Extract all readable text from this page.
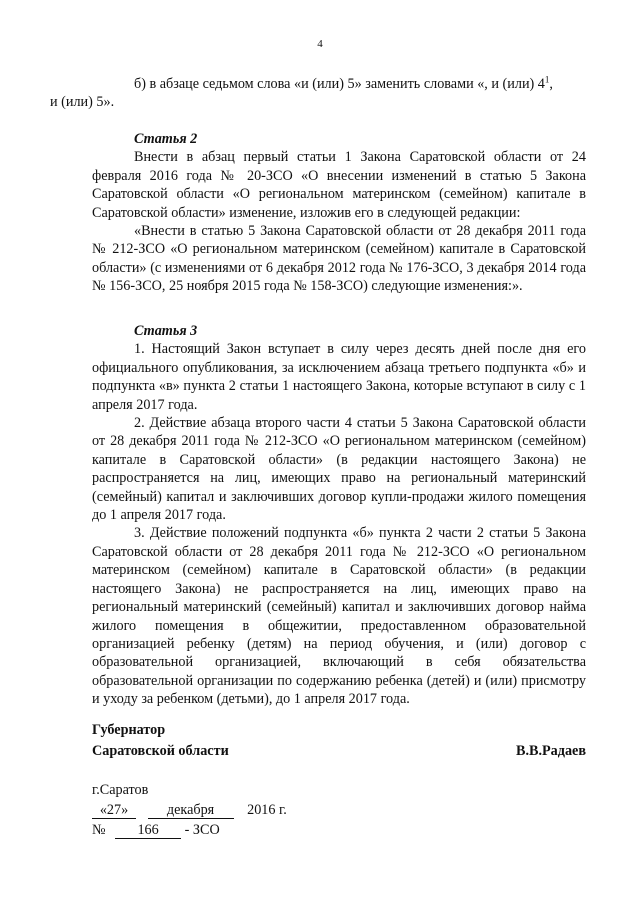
4

б) в абзаце седьмом слова «и (или) 5» заменить словами «, и (или) $4^1$,
и (или) 5».

Статья 2

Внести в абзац первый статьи 1 Закона Саратовской области от 24 февраля 2016 года № 20-ЗСО «О внесении изменений в статью 5 Закона Саратовской области «О региональном материнском (семейном) капитале в Саратовской области» изменение, изложив его в следующей редакции:

«Внести в статью 5 Закона Саратовской области от 28 декабря 2011 года № 212-ЗСО «О региональном материнском (семейном) капитале в Саратовской области» (с изменениями от 6 декабря 2012 года № 176-ЗСО, 3 декабря 2014 года № 156-ЗСО, 25 ноября 2015 года № 158-ЗСО) следующие изменения:».

Статья 3

1. Настоящий Закон вступает в силу через десять дней после дня его официального опубликования, за исключением абзаца третьего подпункта «б» и подпункта «в» пункта 2 статьи 1 настоящего Закона, которые вступают в силу с 1 апреля 2017 года.

2. Действие абзаца второго части 4 статьи 5 Закона Саратовской области от 28 декабря 2011 года № 212-ЗСО «О региональном материнском (семейном) капитале в Саратовской области» (в редакции настоящего Закона) не распространяется на лиц, имеющих право на региональный материнский (семейный) капитал и заключивших договор купли-продажи жилого помещения до 1 апреля 2017 года.

3. Действие положений подпункта «б» пункта 2 части 2 статьи 5 Закона Саратовской области от 28 декабря 2011 года № 212-ЗСО «О региональном материнском (семейном) капитале в Саратовской области» (в редакции настоящего Закона) не распространяется на лиц, имеющих право на региональный материнский (семейный) капитал и заключивших договор найма жилого помещения в общежитии, предоставленном образовательной организацией ребенку (детям) на период обучения, и (или) договор с образовательной организацией, включающий в себя обязательства образовательной организации по содержанию ребенка (детей) и (или) присмотру и уходу за ребенком (детьми), до 1 апреля 2017 года.

Губернатор
Саратовской области	В.В.Радаев
г.Саратов
«27»	декабря 2016 г.
№ 166 - ЗСО
